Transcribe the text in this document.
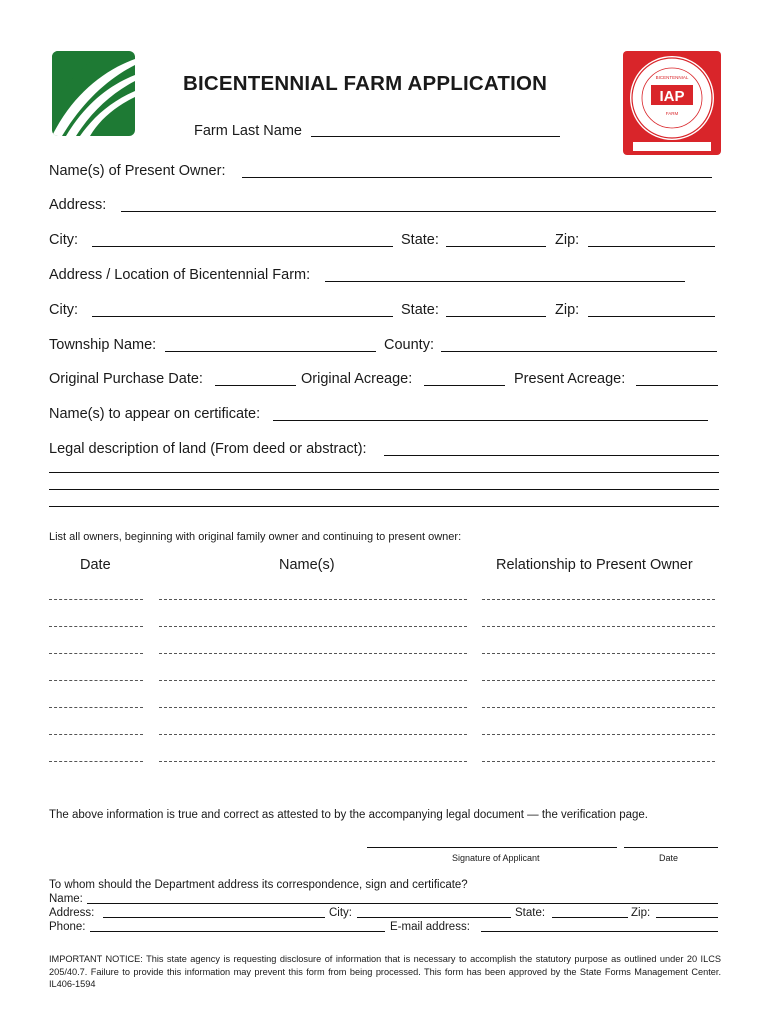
IAP
BICENTENNIAL
FARM
BICENTENNIAL FARM APPLICATION
Farm Last Name
Name(s) of Present Owner:
Address:
City:	State:	Zip:
Address / Location of Bicentennial Farm:
City:	State:	Zip:
Township Name:	County:
Original Purchase Date:	Original Acreage:	Present Acreage:
Name(s) to appear on certificate:
Legal description of land (From deed or abstract):
List all owners, beginning with original family owner and continuing to present owner:
Date	Name(s)	Relationship to Present Owner
The above information is true and correct as attested to by the accompanying legal document — the verification page.
Signature of Applicant	Date
To whom should the Department address its correspondence, sign and certificate?
Name:
Address:	City:	State:	Zip:
Phone:	E-mail address:
IMPORTANT NOTICE: This state agency is requesting disclosure of information that is necessary to accomplish the statutory purpose as outlined under 20 ILCS 205/40.7. Failure to provide this information may prevent this form from being processed. This form has been approved by the State Forms Management Center. IL406-1594
